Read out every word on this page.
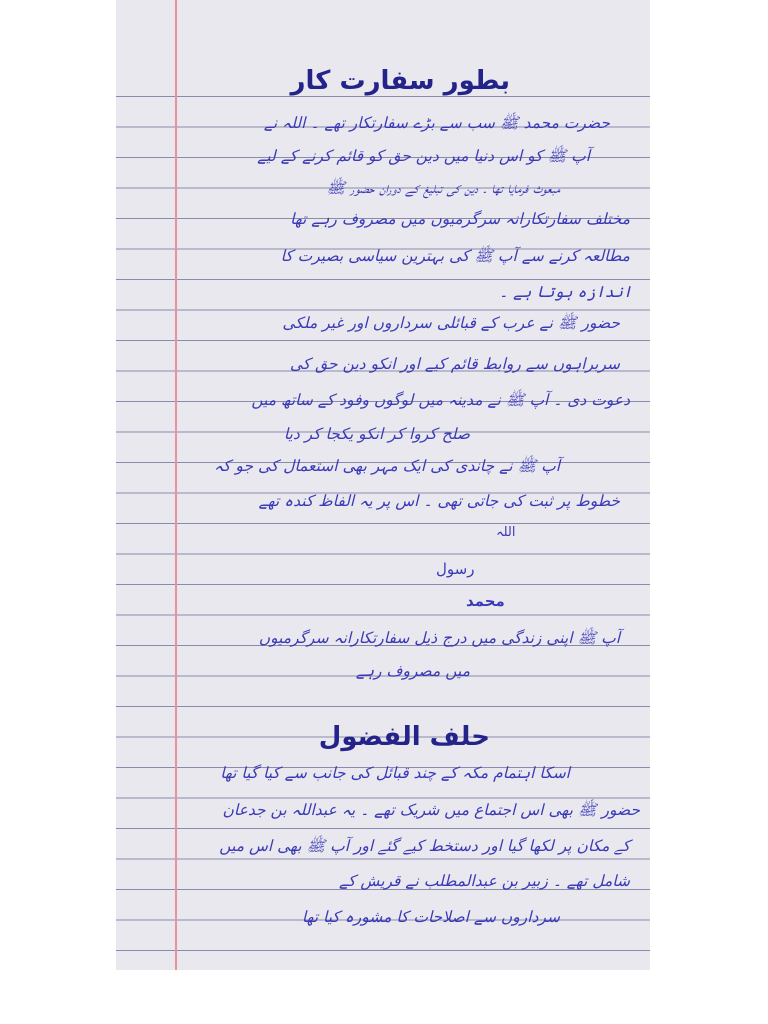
بطور سفارت کار
حضرت محمد ﷺ سب سے بڑے سفارتکار تھے ۔ اللہ نے
آپ ﷺ کو اس دنیا میں دین حق کو قائم کرنے کے لیے
مبعوث فرمایا تھا ۔ دین کی تبلیغ کے دوران حضور ﷺ
مختلف سفارتکارانہ سرگرمیوں میں مصروف رہے تھا
مطالعہ کرنے سے آپ ﷺ کی بہترین سیاسی بصیرت کا
اندازہ ہوتا ہے ۔
حضور ﷺ نے عرب کے قبائلی سرداروں اور غیر ملکی
سربراہوں سے روابط قائم کیے اور انکو دین حق کی
دعوت دی ۔ آپ ﷺ نے مدینہ میں لوگوں وفود کے ساتھ میں
صلح کروا کر انکو یکجا کر دیا
آپ ﷺ نے چاندی کی ایک مہر بھی استعمال کی جو کہ
خطوط پر ثبت کی جاتی تھی ۔ اس پر یہ الفاظ کندہ تھے
اللہ
رسول
محمد
آپ ﷺ اپنی زندگی میں درج ذیل سفارتکارانہ سرگرمیوں
میں مصروف رہے
حلف الفضول
اسکا اہتمام مکہ کے چند قبائل کی جانب سے کیا گیا تھا
حضور ﷺ بھی اس اجتماع میں شریک تھے ۔ یہ عبداللہ بن جدعان
کے مکان پر لکھا گیا اور دستخط کیے گئے اور آپ ﷺ بھی اس میں
شامل تھے ۔ زبیر بن عبدالمطلب نے قریش کے
سرداروں سے اصلاحات کا مشورہ کیا تھا
